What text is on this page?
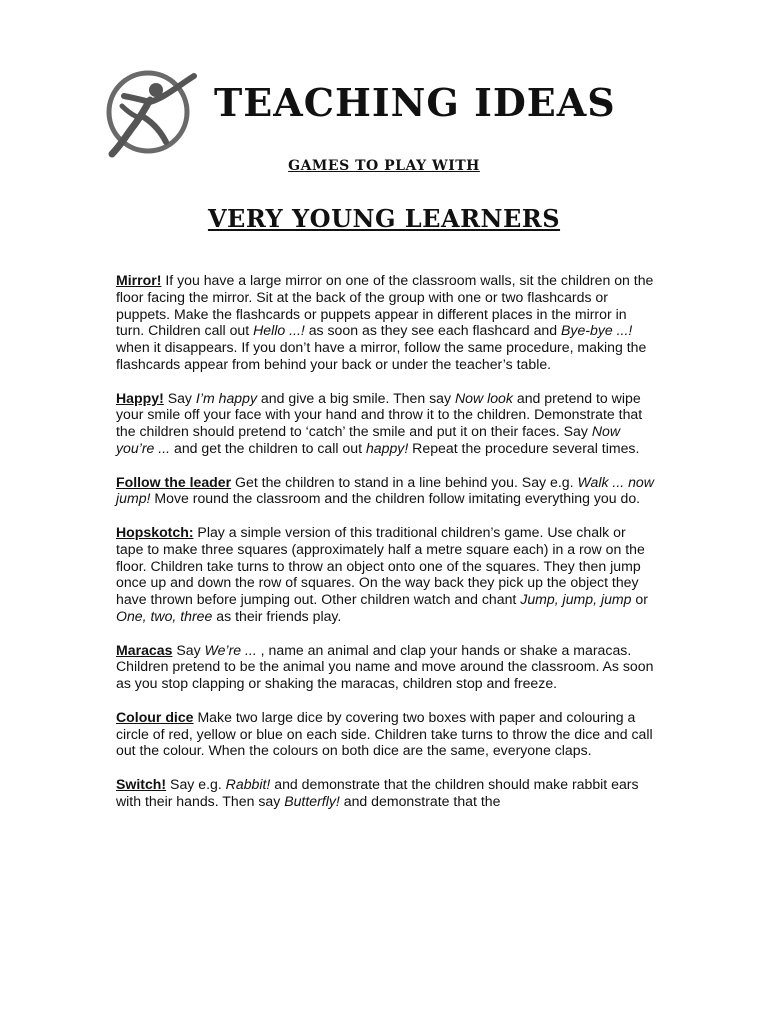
TEACHING IDEAS
GAMES TO PLAY WITH
VERY YOUNG LEARNERS

Mirror! If you have a large mirror on one of the classroom walls, sit the children on the floor facing the mirror. Sit at the back of the group with one or two flashcards or puppets. Make the flashcards or puppets appear in different places in the mirror in turn. Children call out Hello ...! as soon as they see each flashcard and Bye-bye ...! when it disappears. If you don’t have a mirror, follow the same procedure, making the flashcards appear from behind your back or under the teacher’s table.

Happy! Say I’m happy and give a big smile. Then say Now look and pretend to wipe your smile off your face with your hand and throw it to the children. Demonstrate that the children should pretend to ‘catch’ the smile and put it on their faces. Say Now you’re ... and get the children to call out happy! Repeat the procedure several times.

Follow the leader Get the children to stand in a line behind you. Say e.g. Walk ... now jump! Move round the classroom and the children follow imitating everything you do.

Hopskotch: Play a simple version of this traditional children’s game. Use chalk or tape to make three squares (approximately half a metre square each) in a row on the floor. Children take turns to throw an object onto one of the squares. They then jump once up and down the row of squares. On the way back they pick up the object they have thrown before jumping out. Other children watch and chant Jump, jump, jump or One, two, three as their friends play.

Maracas Say We’re ... , name an animal and clap your hands or shake a maracas. Children pretend to be the animal you name and move around the classroom. As soon as you stop clapping or shaking the maracas, children stop and freeze.

Colour dice Make two large dice by covering two boxes with paper and colouring a circle of red, yellow or blue on each side. Children take turns to throw the dice and call out the colour. When the colours on both dice are the same, everyone claps.

Switch! Say e.g. Rabbit! and demonstrate that the children should make rabbit ears with their hands. Then say Butterfly! and demonstrate that the
